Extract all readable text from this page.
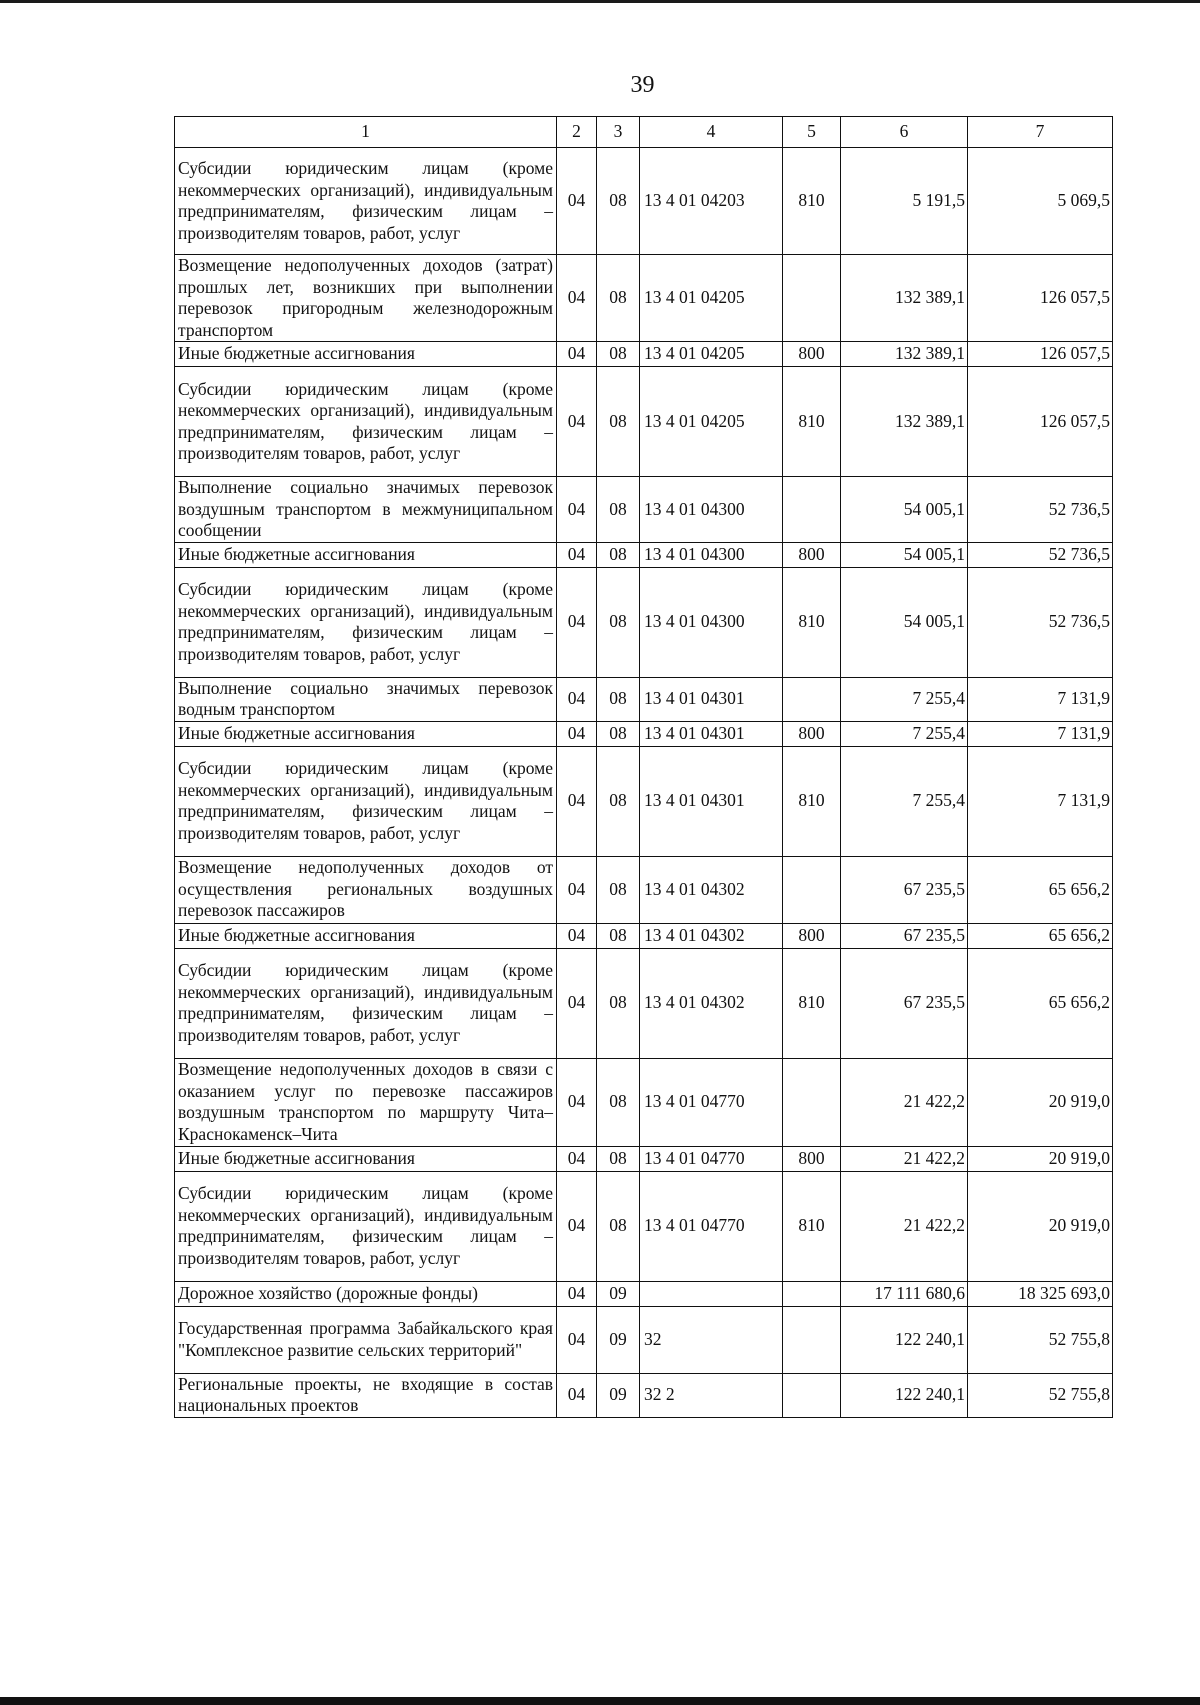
39
1	2	3	4	5	6	7
Субсидии юридическим лицам (кроме некоммерческих организаций), индивидуальным предпринимателям, физическим лицам – производителям товаров, работ, услуг	04	08	13 4 01 04203	810	5 191,5	5 069,5
Возмещение недополученных доходов (затрат) прошлых лет, возникших при выполнении перевозок пригородным железнодорожным транспортом	04	08	13 4 01 04205		132 389,1	126 057,5
Иные бюджетные ассигнования	04	08	13 4 01 04205	800	132 389,1	126 057,5
Субсидии юридическим лицам (кроме некоммерческих организаций), индивидуальным предпринимателям, физическим лицам – производителям товаров, работ, услуг	04	08	13 4 01 04205	810	132 389,1	126 057,5
Выполнение социально значимых перевозок воздушным транспортом в межмуниципальном сообщении	04	08	13 4 01 04300		54 005,1	52 736,5
Иные бюджетные ассигнования	04	08	13 4 01 04300	800	54 005,1	52 736,5
Субсидии юридическим лицам (кроме некоммерческих организаций), индивидуальным предпринимателям, физическим лицам – производителям товаров, работ, услуг	04	08	13 4 01 04300	810	54 005,1	52 736,5
Выполнение социально значимых перевозок водным транспортом	04	08	13 4 01 04301		7 255,4	7 131,9
Иные бюджетные ассигнования	04	08	13 4 01 04301	800	7 255,4	7 131,9
Субсидии юридическим лицам (кроме некоммерческих организаций), индивидуальным предпринимателям, физическим лицам – производителям товаров, работ, услуг	04	08	13 4 01 04301	810	7 255,4	7 131,9
Возмещение недополученных доходов от осуществления региональных воздушных перевозок пассажиров	04	08	13 4 01 04302		67 235,5	65 656,2
Иные бюджетные ассигнования	04	08	13 4 01 04302	800	67 235,5	65 656,2
Субсидии юридическим лицам (кроме некоммерческих организаций), индивидуальным предпринимателям, физическим лицам – производителям товаров, работ, услуг	04	08	13 4 01 04302	810	67 235,5	65 656,2
Возмещение недополученных доходов в связи с оказанием услуг по перевозке пассажиров воздушным транспортом по маршруту Чита–Краснокаменск–Чита	04	08	13 4 01 04770		21 422,2	20 919,0
Иные бюджетные ассигнования	04	08	13 4 01 04770	800	21 422,2	20 919,0
Субсидии юридическим лицам (кроме некоммерческих организаций), индивидуальным предпринимателям, физическим лицам – производителям товаров, работ, услуг	04	08	13 4 01 04770	810	21 422,2	20 919,0
Дорожное хозяйство (дорожные фонды)	04	09			17 111 680,6	18 325 693,0
Государственная программа Забайкальского края "Комплексное развитие сельских территорий"	04	09	32		122 240,1	52 755,8
Региональные проекты, не входящие в состав национальных проектов	04	09	32 2		122 240,1	52 755,8
